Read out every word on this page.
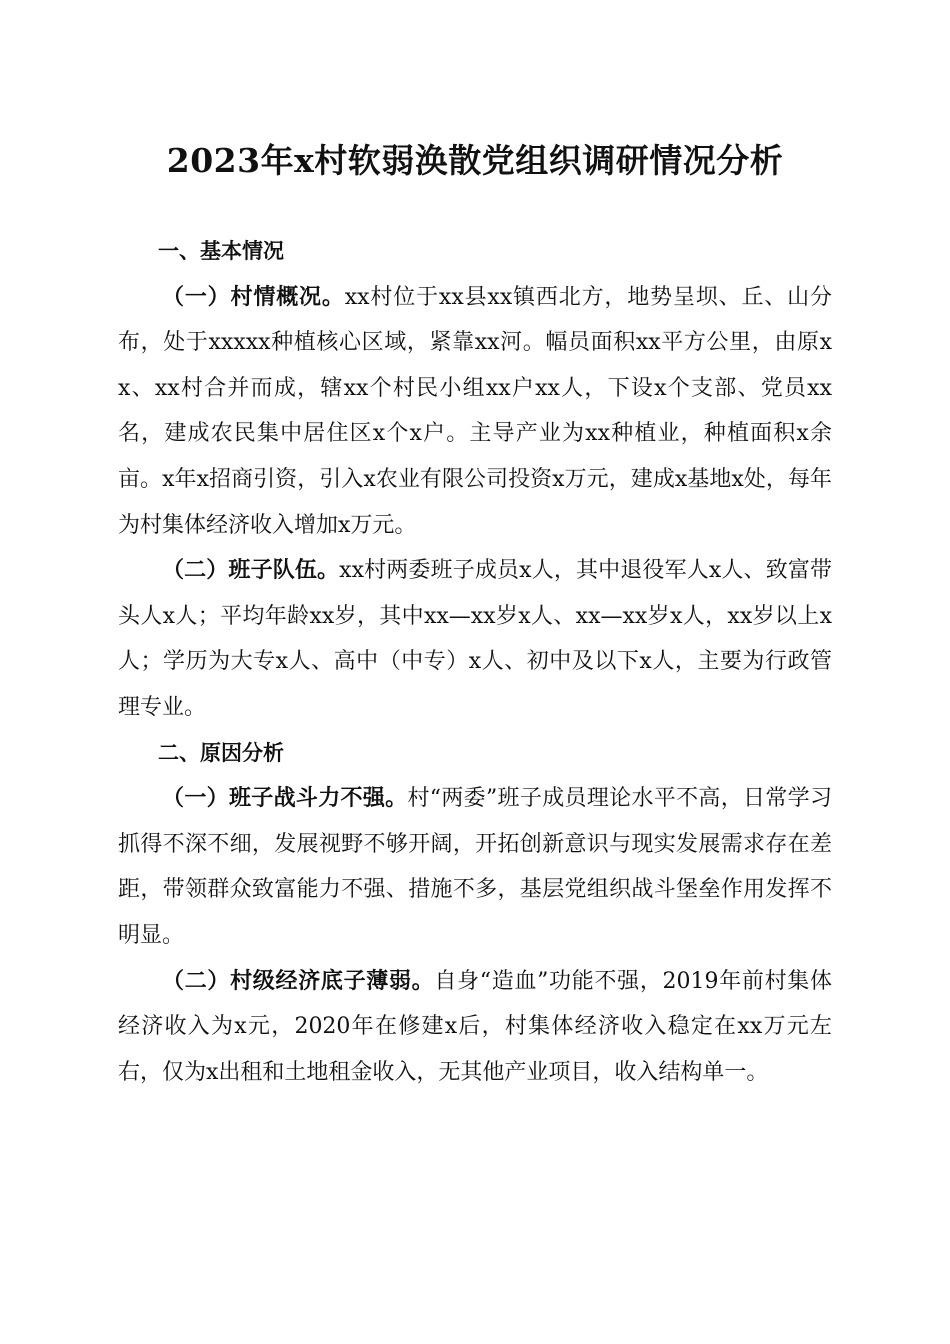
2023年x村软弱涣散党组织调研情况分析

一、基本情况

（一）村情概况。xx村位于xx县xx镇西北方，地势呈坝、丘、山分布，处于xxxxx种植核心区域，紧靠xx河。幅员面积xx平方公里，由原xx、xx村合并而成，辖xx个村民小组xx户xx人，下设x个支部、党员xx名，建成农民集中居住区x个x户。主导产业为xx种植业，种植面积x余亩。x年x招商引资，引入x农业有限公司投资x万元，建成x基地x处，每年为村集体经济收入增加x万元。

（二）班子队伍。xx村两委班子成员x人，其中退役军人x人、致富带头人x人；平均年龄xx岁，其中xx—xx岁x人、xx—xx岁x人，xx岁以上x人；学历为大专x人、高中（中专）x人、初中及以下x人，主要为行政管理专业。

二、原因分析

（一）班子战斗力不强。村“两委”班子成员理论水平不高，日常学习抓得不深不细，发展视野不够开阔，开拓创新意识与现实发展需求存在差距，带领群众致富能力不强、措施不多，基层党组织战斗堡垒作用发挥不明显。

（二）村级经济底子薄弱。自身“造血”功能不强，2019年前村集体经济收入为x元，2020年在修建x后，村集体经济收入稳定在xx万元左右，仅为x出租和土地租金收入，无其他产业项目，收入结构单一。
